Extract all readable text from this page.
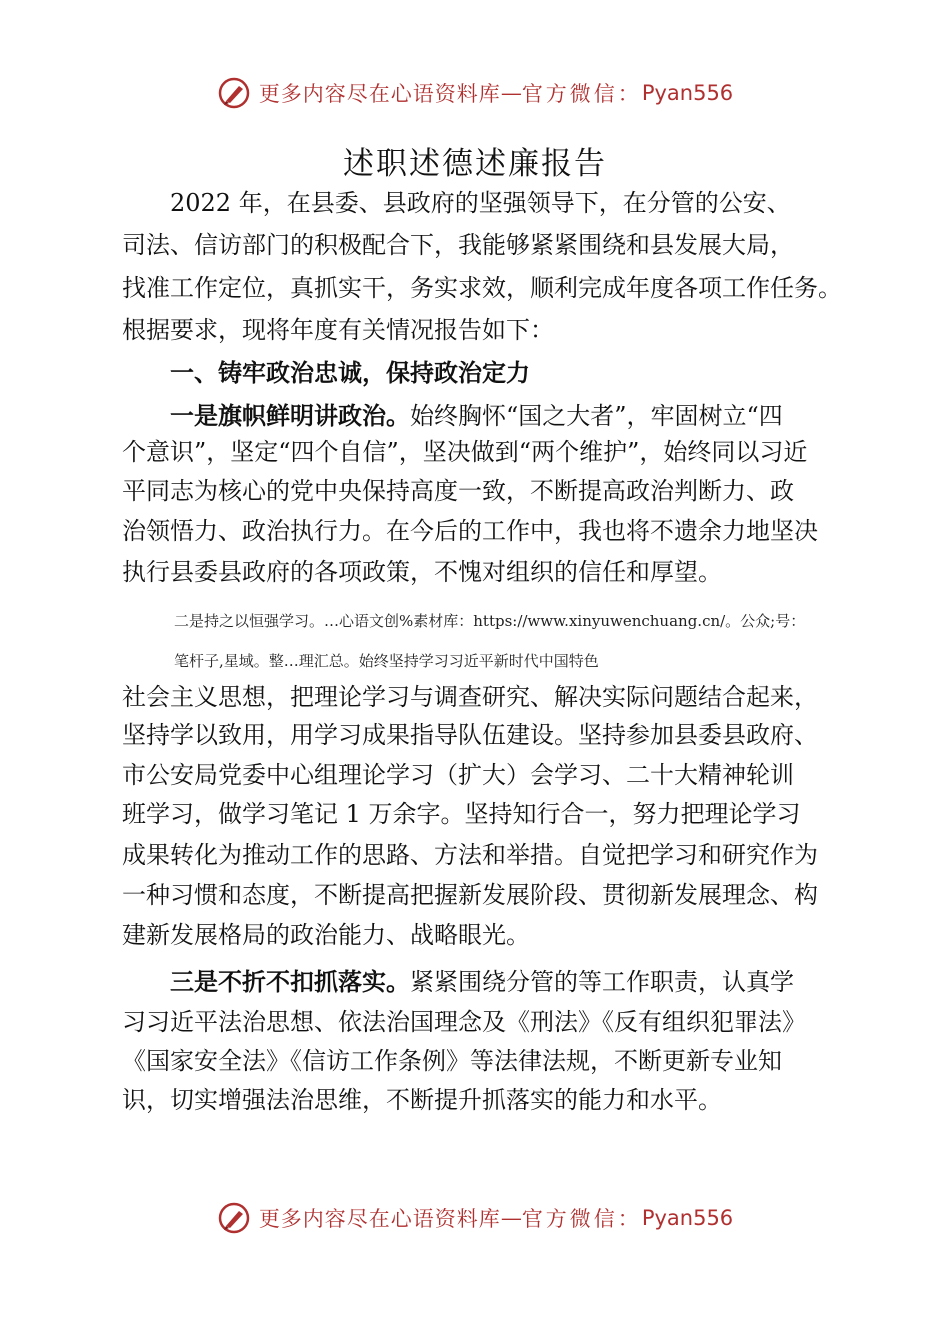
更多内容尽在心语资料库 — 官方微信： Pyan556
述职述德述廉报告
2022 年，在县委、县政府的坚强领导下，在分管的公安、
司法、信访部门的积极配合下，我能够紧紧围绕和县发展大局，
找准工作定位，真抓实干，务实求效，顺利完成年度各项工作任务。
根据要求，现将年度有关情况报告如下：
一、铸牢政治忠诚，保持政治定力
一是旗帜鲜明讲政治。始终胸怀“国之大者”，牢固树立“四
个意识”，坚定“四个自信”，坚决做到“两个维护”，始终同以习近
平同志为核心的党中央保持高度一致，不断提高政治判断力、政
治领悟力、政治执行力。在今后的工作中，我也将不遗余力地坚决
执行县委县政府的各项政策，不愧对组织的信任和厚望。
二是持之以恒强学习。…心语文创%素材库：https://www.xinyuwenchuang.cn/。公众;号：
笔杆子,星域。整…理汇总。始终坚持学习习近平新时代中国特色
社会主义思想，把理论学习与调查研究、解决实际问题结合起来，
坚持学以致用，用学习成果指导队伍建设。坚持参加县委县政府、
市公安局党委中心组理论学习（扩大）会学习、二十大精神轮训
班学习，做学习笔记 1 万余字。坚持知行合一，努力把理论学习
成果转化为推动工作的思路、方法和举措。自觉把学习和研究作为
一种习惯和态度，不断提高把握新发展阶段、贯彻新发展理念、构
建新发展格局的政治能力、战略眼光。
三是不折不扣抓落实。紧紧围绕分管的等工作职责，认真学
习习近平法治思想、依法治国理念及《刑法》《反有组织犯罪法》
《国家安全法》《信访工作条例》等法律法规，不断更新专业知
识，切实增强法治思维，不断提升抓落实的能力和水平。
更多内容尽在心语资料库 — 官方微信： Pyan556
